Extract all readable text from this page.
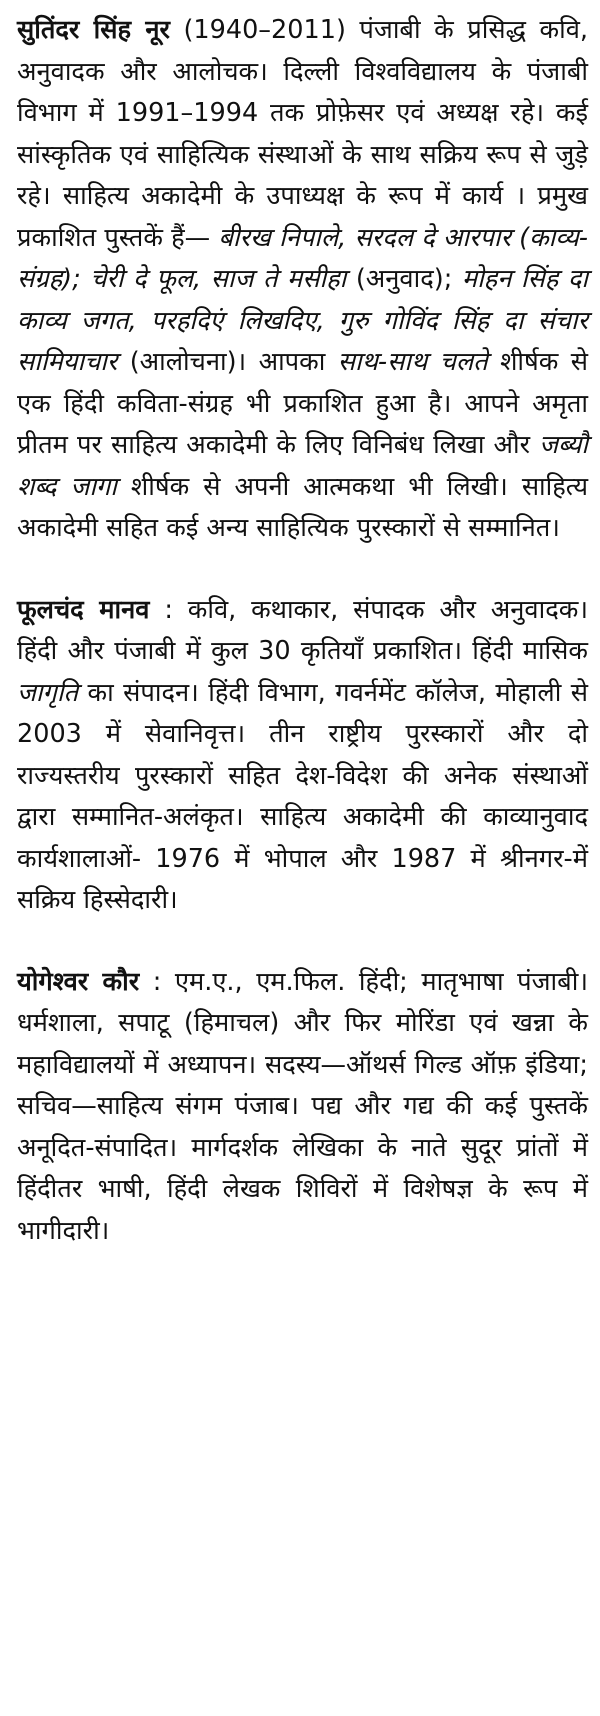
सुतिंदर सिंह नूर (1940–2011) पंजाबी के प्रसिद्ध कवि, अनुवादक और आलोचक। दिल्ली विश्वविद्यालय के पंजाबी विभाग में 1991–1994 तक प्रोफ़ेसर एवं अध्यक्ष रहे। कई सांस्कृतिक एवं साहित्यिक संस्थाओं के साथ सक्रिय रूप से जुड़े रहे। साहित्य अकादेमी के उपाध्यक्ष के रूप में कार्य । प्रमुख प्रकाशित पुस्तकें हैं— बीरख निपाले, सरदल दे आरपार (काव्य-संग्रह); चेरी दे फूल, साज ते मसीहा (अनुवाद); मोहन सिंह दा काव्य जगत, परहदिएं लिखदिए, गुरु गोविंद सिंह दा संचार सामियाचार (आलोचना)। आपका साथ-साथ चलते शीर्षक से एक हिंदी कविता-संग्रह भी प्रकाशित हुआ है। आपने अमृता प्रीतम पर साहित्य अकादेमी के लिए विनिबंध लिखा और जब्यौ शब्द जागा शीर्षक से अपनी आत्मकथा भी लिखी। साहित्य अकादेमी सहित कई अन्य साहित्यिक पुरस्कारों से सम्मानित।

फूलचंद मानव : कवि, कथाकार, संपादक और अनुवादक। हिंदी और पंजाबी में कुल 30 कृतियाँ प्रकाशित। हिंदी मासिक जागृति का संपादन। हिंदी विभाग, गवर्नमेंट कॉलेज, मोहाली से 2003 में सेवानिवृत्त। तीन राष्ट्रीय पुरस्कारों और दो राज्यस्तरीय पुरस्कारों सहित देश-विदेश की अनेक संस्थाओं द्वारा सम्मानित-अलंकृत। साहित्य अकादेमी की काव्यानुवाद कार्यशालाओं- 1976 में भोपाल और 1987 में श्रीनगर-में सक्रिय हिस्सेदारी।

योगेश्वर कौर : एम.ए., एम.फिल. हिंदी; मातृभाषा पंजाबी। धर्मशाला, सपाटू (हिमाचल) और फिर मोरिंडा एवं खन्ना के महाविद्यालयों में अध्यापन। सदस्य—ऑथर्स गिल्ड ऑफ़ इंडिया; सचिव—साहित्य संगम पंजाब। पद्य और गद्य की कई पुस्तकें अनूदित-संपादित। मार्गदर्शक लेखिका के नाते सुदूर प्रांतों में हिंदीतर भाषी, हिंदी लेखक शिविरों में विशेषज्ञ के रूप में भागीदारी।
